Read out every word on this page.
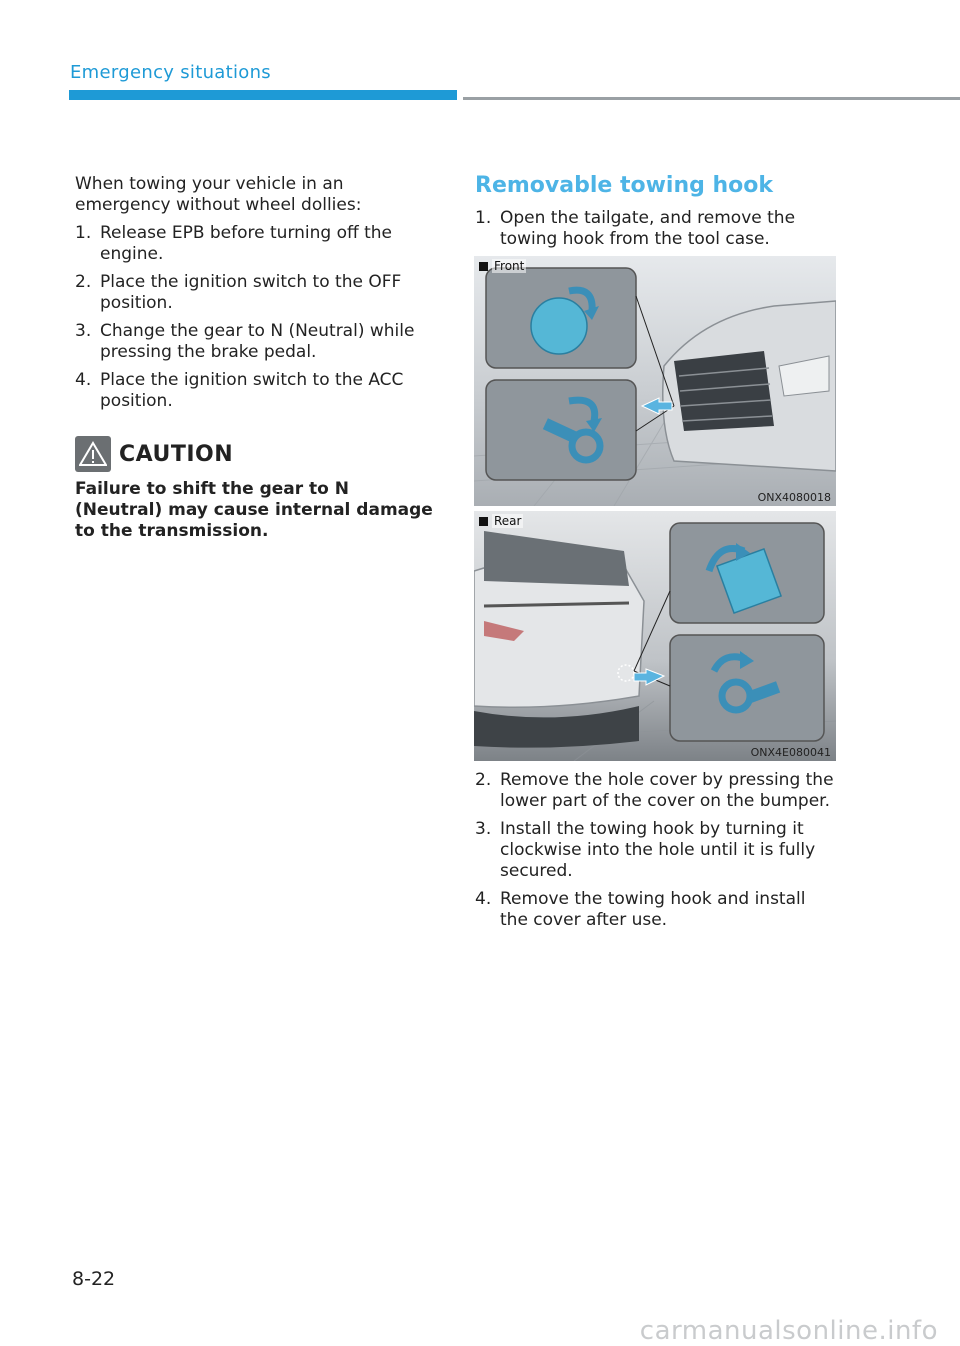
Emergency situations

When towing your vehicle in an emergency without wheel dollies:

1. Release EPB before turning off the engine.
2. Place the ignition switch to the OFF position.
3. Change the gear to N (Neutral) while pressing the brake pedal.
4. Place the ignition switch to the ACC position.
CAUTION
Failure to shift the gear to N (Neutral) may cause internal damage to the transmission.
Removable towing hook
1. Open the tailgate, and remove the towing hook from the tool case.
Front
ONX4080018
Rear
ONX4E080041
2. Remove the hole cover by pressing the lower part of the cover on the bumper.
3. Install the towing hook by turning it clockwise into the hole until it is fully secured.
4. Remove the towing hook and install the cover after use.
8-22
carmanualsonline.info
